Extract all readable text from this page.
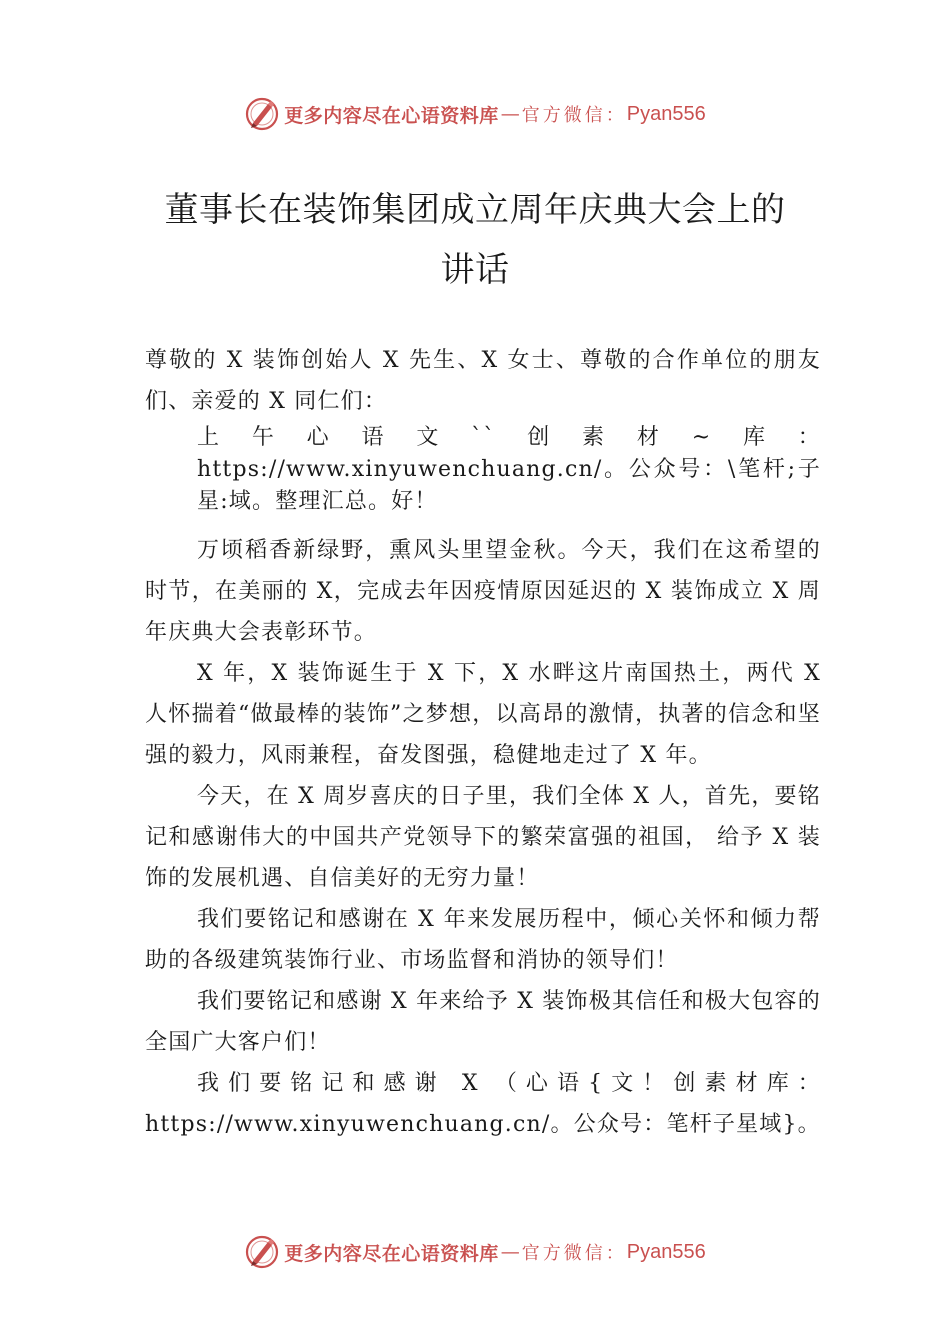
更多内容尽在心语资料库 — 官方微信： Pyan556
董事长在装饰集团成立周年庆典大会上的
讲话

尊敬的 X 装饰创始人 X 先生、X 女士、尊敬的合作单位的朋友们、亲爱的 X 同仁们：

上午心语文``创素材~库：https://www.xinyuwenchuang.cn/。公众号：\笔杆;子星:域。整理汇总。好！

万顷稻香新绿野，熏风头里望金秋。今天，我们在这希望的时节，在美丽的 X，完成去年因疫情原因延迟的 X 装饰成立 X 周年庆典大会表彰环节。

X 年，X 装饰诞生于 X 下，X 水畔这片南国热土，两代 X 人怀揣着“做最棒的装饰”之梦想，以高昂的激情，执著的信念和坚强的毅力，风雨兼程，奋发图强，稳健地走过了 X 年。

今天，在 X 周岁喜庆的日子里，我们全体 X 人，首先，要铭记和感谢伟大的中国共产党领导下的繁荣富强的祖国， 给予 X 装饰的发展机遇、自信美好的无穷力量！

我们要铭记和感谢在 X 年来发展历程中，倾心关怀和倾力帮助的各级建筑装饰行业、市场监督和消协的领导们！

我们要铭记和感谢 X 年来给予 X 装饰极其信任和极大包容的全国广大客户们！

我们要铭记和感谢 X （心语{文！创素材库：https://www.xinyuwenchuang.cn/。公众号：笔杆子星域}。

更多内容尽在心语资料库 — 官方微信： Pyan556
